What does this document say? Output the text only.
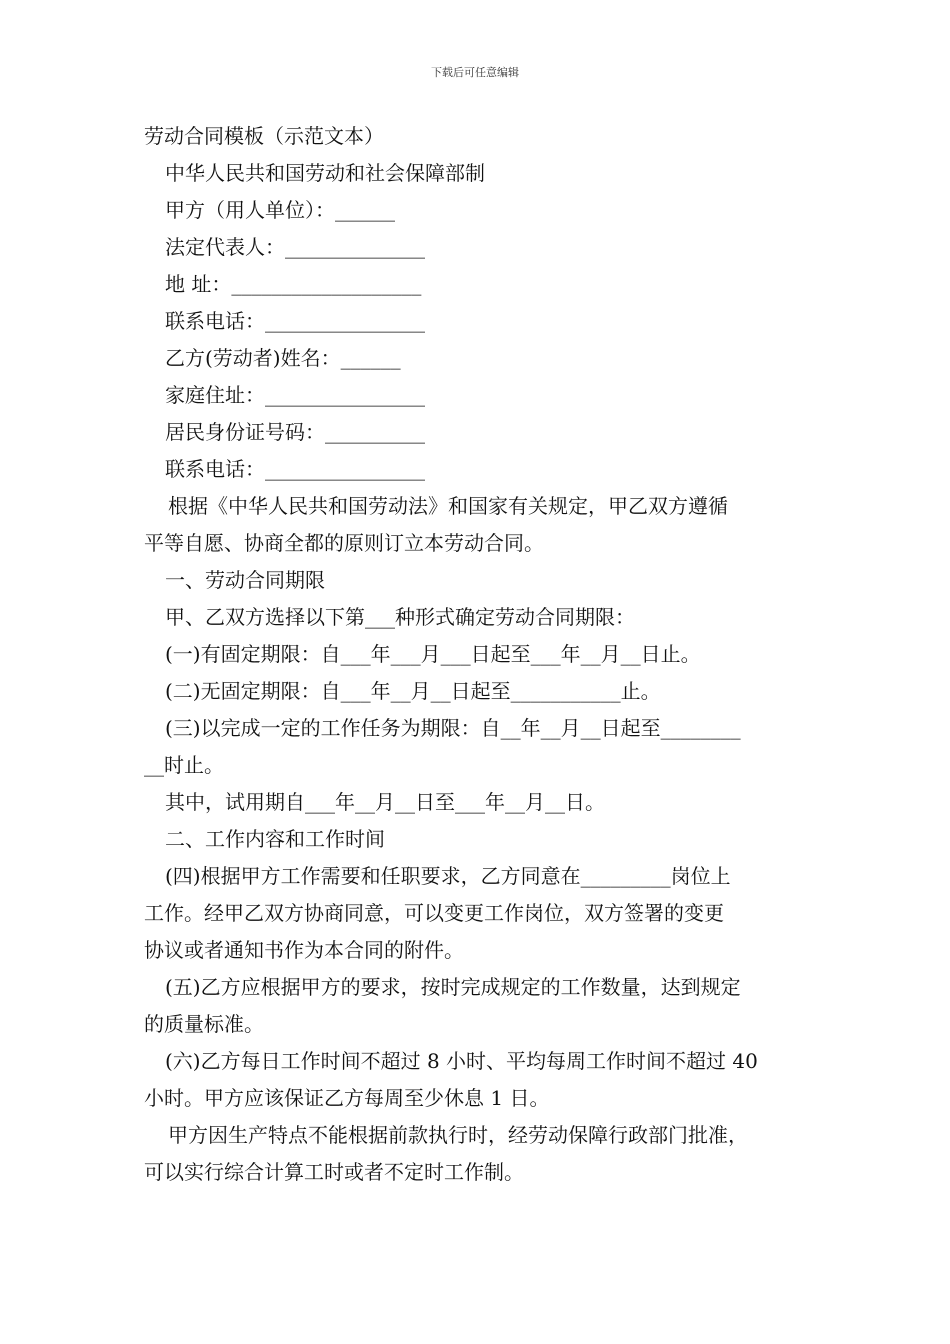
下载后可任意编辑
劳动合同模板（示范文本）
中华人民共和国劳动和社会保障部制
甲方（用人单位）：______
法定代表人：______________
地 址：___________________
联系电话：________________
乙方(劳动者)姓名：______
家庭住址：________________
居民身份证号码：__________
联系电话：________________
根据《中华人民共和国劳动法》和国家有关规定，甲乙双方遵循
平等自愿、协商全都的原则订立本劳动合同。
一、劳动合同期限
甲、乙双方选择以下第___种形式确定劳动合同期限：
(一)有固定期限：自___年___月___日起至___年__月__日止。
(二)无固定期限：自___年__月__日起至___________止。
(三)以完成一定的工作任务为期限：自__年__月__日起至________
__时止。
其中，试用期自___年__月__日至___年__月__日。
二、工作内容和工作时间
(四)根据甲方工作需要和任职要求，乙方同意在_________岗位上
工作。经甲乙双方协商同意，可以变更工作岗位，双方签署的变更
协议或者通知书作为本合同的附件。
(五)乙方应根据甲方的要求，按时完成规定的工作数量，达到规定
的质量标准。
(六)乙方每日工作时间不超过 8 小时、平均每周工作时间不超过 40
小时。甲方应该保证乙方每周至少休息 1 日。
甲方因生产特点不能根据前款执行时，经劳动保障行政部门批准，
可以实行综合计算工时或者不定时工作制。
